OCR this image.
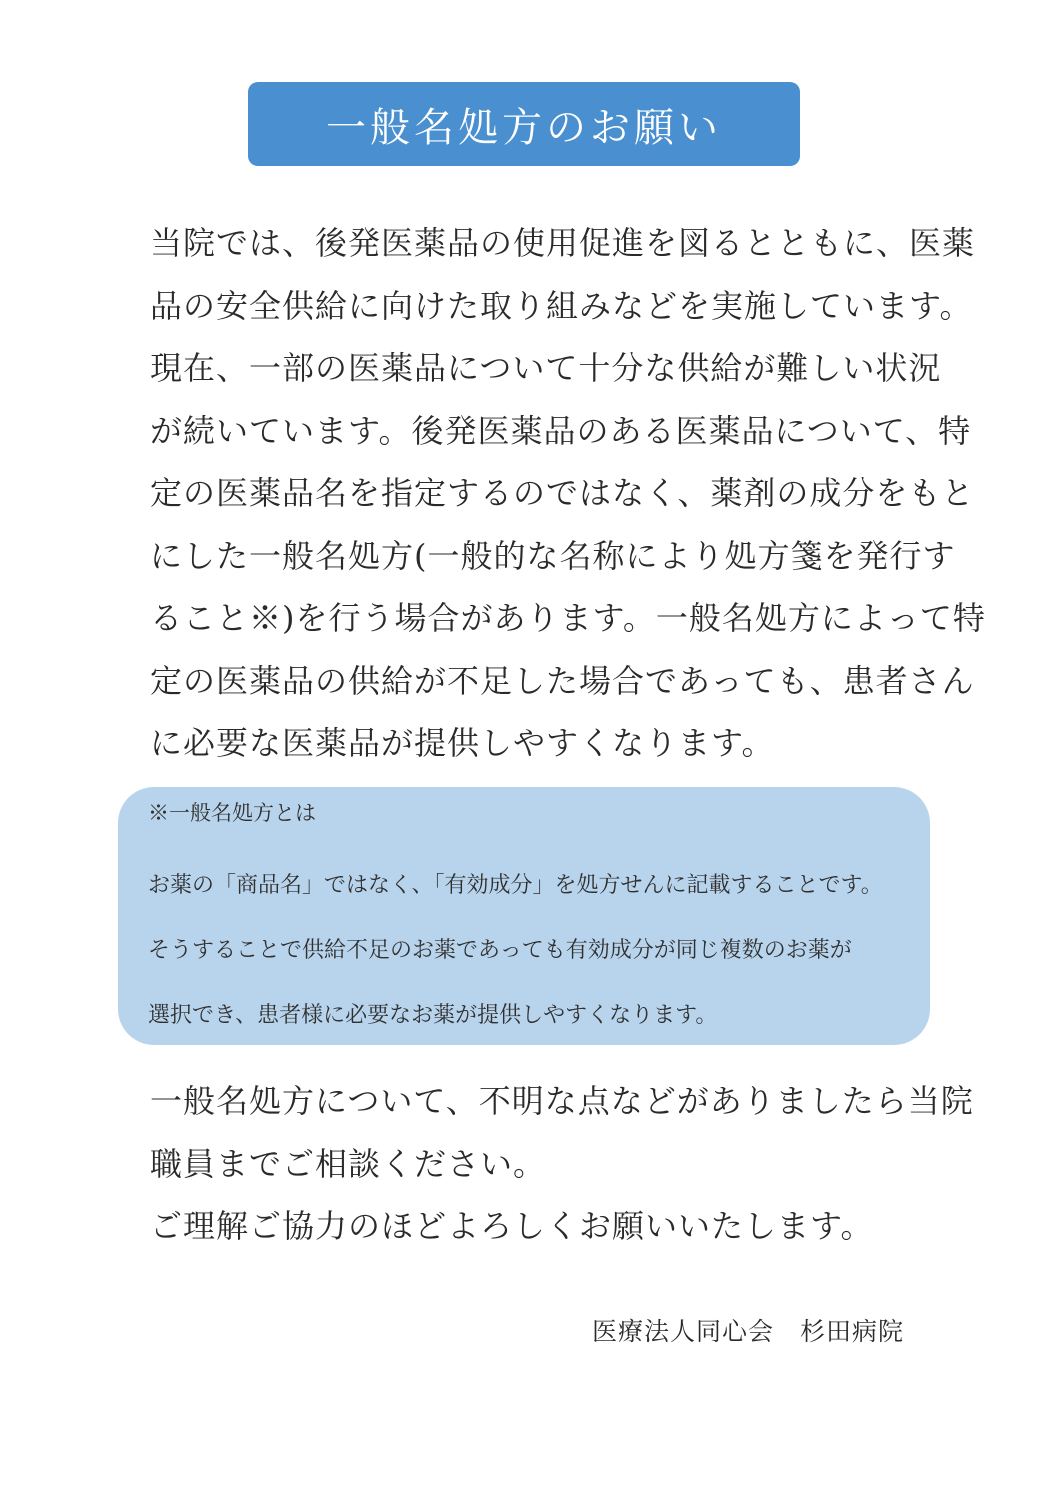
一般名処方のお願い
当院では、後発医薬品の使用促進を図るとともに、医薬
品の安全供給に向けた取り組みなどを実施しています。
現在、一部の医薬品について十分な供給が難しい状況
が続いています。後発医薬品のある医薬品について、特
定の医薬品名を指定するのではなく、薬剤の成分をもと
にした一般名処方(一般的な名称により処方箋を発行す
ること※)を行う場合があります。一般名処方によって特
定の医薬品の供給が不足した場合であっても、患者さん
に必要な医薬品が提供しやすくなります。
※一般名処方とは
お薬の「商品名」ではなく、「有効成分」を処方せんに記載することです。
そうすることで供給不足のお薬であっても有効成分が同じ複数のお薬が
選択でき、患者様に必要なお薬が提供しやすくなります。
一般名処方について、不明な点などがありましたら当院
職員までご相談ください。
ご理解ご協力のほどよろしくお願いいたします。
医療法人同心会　杉田病院
